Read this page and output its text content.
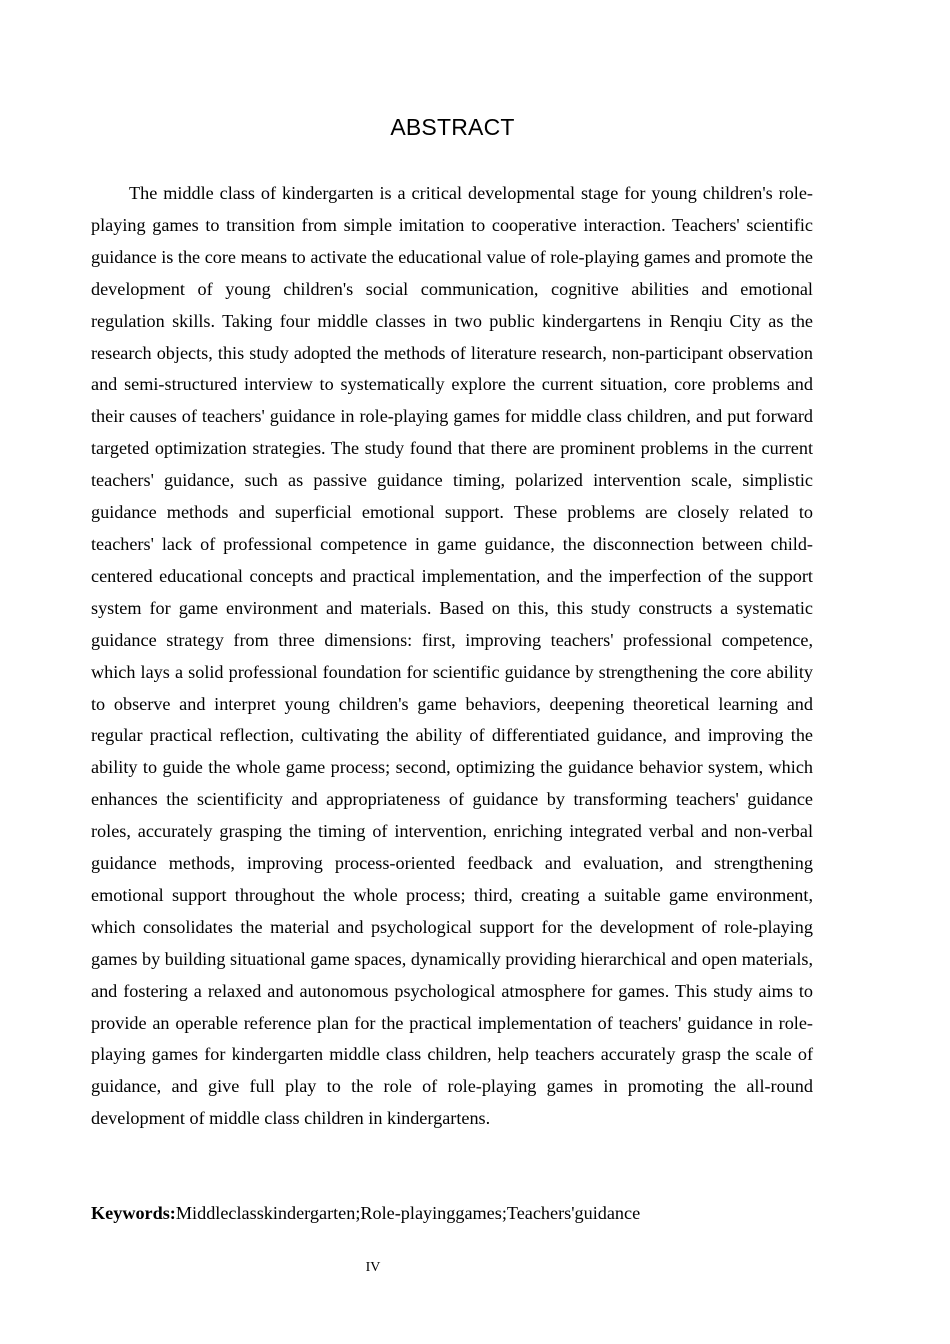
ABSTRACT

The middle class of kindergarten is a critical developmental stage for young children's role-playing games to transition from simple imitation to cooperative interaction. Teachers' scientific guidance is the core means to activate the educational value of role-playing games and promote the development of young children's social communication, cognitive abilities and emotional regulation skills. Taking four middle classes in two public kindergartens in Renqiu City as the research objects, this study adopted the methods of literature research, non-participant observation and semi-structured interview to systematically explore the current situation, core problems and their causes of teachers' guidance in role-playing games for middle class children, and put forward targeted optimization strategies. The study found that there are prominent problems in the current teachers' guidance, such as passive guidance timing, polarized intervention scale, simplistic guidance methods and superficial emotional support. These problems are closely related to teachers' lack of professional competence in game guidance, the disconnection between child-centered educational concepts and practical implementation, and the imperfection of the support system for game environment and materials. Based on this, this study constructs a systematic guidance strategy from three dimensions: first, improving teachers' professional competence, which lays a solid professional foundation for scientific guidance by strengthening the core ability to observe and interpret young children's game behaviors, deepening theoretical learning and regular practical reflection, cultivating the ability of differentiated guidance, and improving the ability to guide the whole game process; second, optimizing the guidance behavior system, which enhances the scientificity and appropriateness of guidance by transforming teachers' guidance roles, accurately grasping the timing of intervention, enriching integrated verbal and non-verbal guidance methods, improving process-oriented feedback and evaluation, and strengthening emotional support throughout the whole process; third, creating a suitable game environment, which consolidates the material and psychological support for the development of role-playing games by building situational game spaces, dynamically providing hierarchical and open materials, and fostering a relaxed and autonomous psychological atmosphere for games. This study aims to provide an operable reference plan for the practical implementation of teachers' guidance in role-playing games for kindergarten middle class children, help teachers accurately grasp the scale of guidance, and give full play to the role of role-playing games in promoting the all-round development of middle class children in kindergartens.

Keywords:Middleclasskindergarten;Role-playinggames;Teachers'guidance

IV
